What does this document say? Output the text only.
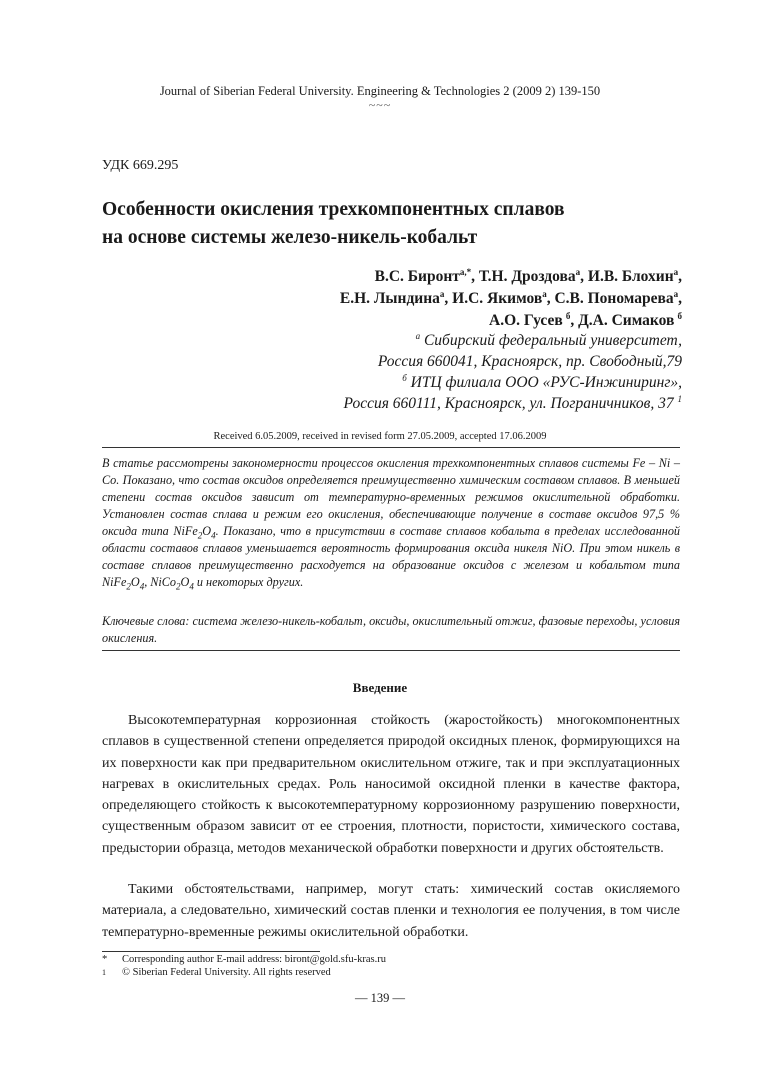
Journal of Siberian Federal University. Engineering & Technologies 2 (2009 2) 139-150
~~~
УДК 669.295
Особенности окисления трехкомпонентных сплавов
на основе системы железо-никель-кобальт
В.С. Биронт$^{а,*}$, Т.Н. Дроздова$^а$, И.В. Блохин$^а$,
Е.Н. Лындина$^а$, И.С. Якимов$^а$, С.В. Пономарева$^а$,
А.О. Гусев  $^б$, Д.А. Симаков  $^б$
$^а$ Сибирский федеральный университет,
Россия 660041, Красноярск, пр. Свободный,79
$^б$ ИТЦ филиала ООО «РУС-Инжиниринг»,
Россия 660111, Красноярск, ул. Пограничников, 37 $^1$
Received 6.05.2009, received in revised form 27.05.2009, accepted 17.06.2009
В статье рассмотрены закономерности процессов окисления трехкомпонентных сплавов системы Fe – Ni – Co. Показано, что состав оксидов определяется преимущественно химическим составом сплавов. В меньшей степени состав оксидов зависит от температурно-временных режимов окислительной обработки. Установлен состав сплава и режим его окисления, обеспечивающие получение в составе оксидов 97,5 % оксида типа $NiFe_2O_4$. Показано, что в присутствии в составе сплавов кобальта в пределах исследованной области составов сплавов уменьшается вероятность формирования оксида никеля NiO. При этом никель в составе сплавов преимущественно расходуется на образование оксидов с железом и кобальтом типа $NiFe_2O_4$, $NiCo_2O_4$ и некоторых других.
Ключевые слова: система железо-никель-кобальт, оксиды, окислительный отжиг, фазовые переходы, условия окисления.
Введение
Высокотемпературная коррозионная стойкость (жаростойкость) многокомпонентных сплавов в существенной степени определяется природой оксидных пленок, формирующихся на их поверхности как при предварительном окислительном отжиге, так и при эксплуатационных нагревах в окислительных средах. Роль наносимой оксидной пленки в качестве фактора, определяющего стойкость к высокотемпературному коррозионному разрушению поверхности, существенным образом зависит от ее строения, плотности, пористости, химического состава, предыстории образца, методов механической обработки поверхности и других обстоятельств.
Такими обстоятельствами, например, могут стать: химический состав окисляемого материала, а следовательно, химический состав пленки и технология ее получения, в том числе температурно-временные режимы окислительной обработки.
* Corresponding author E-mail address: biront@gold.sfu-kras.ru
1 © Siberian Federal University. All rights reserved
— 139 —
